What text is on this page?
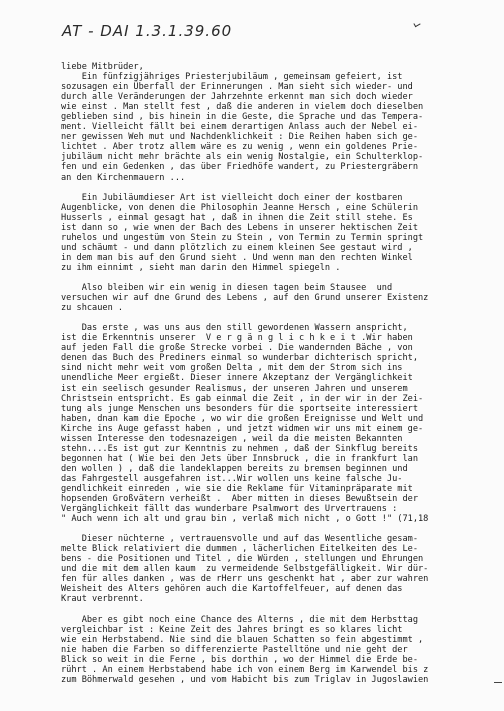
AT - DAI 1.3.1.39.60
liebe Mitbrüder,
Ein fünfzigjähriges Priesterjubiläum , gemeinsam gefeiert, ist
sozusagen ein Überfall der Erinnerungen . Man sieht sich wieder- und
durch alle Veränderungen der Jahrzehnte erkennt man sich doch wieder
wie einst . Man stellt fest , daß die anderen in vielem doch dieselben
geblieben sind , bis hinein in die Geste, die Sprache und das Tempera-
ment. Vielleicht fällt bei einem derartigen Anlass auch der Nebel ei-
ner gewissen Weh mut und Nachdenklichkeit : Die Reihen haben sich ge-
lichtet . Aber trotz allem wäre es zu wenig , wenn ein goldenes Prie-
jubiläum nicht mehr brächte als ein wenig Nostalgie, ein Schulterklop-
fen und ein Gedenken , das über Friedhöfe wandert, zu Priestergräbern
an den Kirchenmauern ...
Ein Jubiläumdieser Art ist vielleicht doch einer der kostbaren
Augenblicke, von denen die Philosophin Jeanne Hersch , eine Schülerin
Husserls , einmal gesagt hat , daß in ihnen die Zeit still stehe. Es
ist dann so , wie wnen der Bach des Lebens in unserer hektischen Zeit
ruhelos und ungestüm von Stein zu Stein , von Termin zu Termin springt
und schäumt - und dann plötzlich zu einem kleinen See gestaut wird ,
in dem man bis auf den Grund sieht . Und wenn man den rechten Winkel
zu ihm einnimt , sieht man darin den Himmel spiegeln .
Also bleiben wir ein wenig in diesen tagen beim Stausee  und
versuchen wir auf dne Grund des Lebens , auf den Grund unserer Existenz
zu shcauen .
Das erste , was uns aus den still gewordenen Wassern anspricht,
ist die Erkenntnis unserer  V e r g ä n g l i c h k e i t .Wir haben
auf jeden Fall die große Strecke vorbei . Die wandernden Bäche , von
denen das Buch des Prediners einmal so wunderbar dichterisch spricht,
sind nicht mehr weit vom großen Delta , mit dem der Strom sich ins
unendliche Meer ergießt. Dieser innere Akzeptanz der Vergänglichkeit
ist ein seelisch gesunder Realismus, der unseren Jahren und unserem
Christsein entspricht. Es gab einmal die Zeit , in der wir in der Zei-
tung als junge Menschen uns besonders für die sportseite interessiert
haben, dnan kam die Epoche , wo wir die großen Ereignisse und Welt und
Kirche ins Auge gefasst haben , und jetzt widmen wir uns mit einem ge-
wissen Interesse den todesnazeigen , weil da die meisten Bekannten
stehn....Es ist gut zur Kenntnis zu nehmen , daß der Sinkflug bereits
begonnen hat ( Wie bei den Jets über Innsbruck , die in frankfurt lan
den wollen ) , daß die landeklappen bereits zu bremsen beginnen und
das Fahrgestell ausgefahren ist...Wir wollen uns keine falsche Ju-
gendlichkeit einreden , wie sie die Reklame für Vitaminpräparate mit
hopsenden Großvätern verheißt .  Aber mitten in dieses Bewußtsein der
Vergänglichkeit fällt das wunderbare Psalmwort des Urvertrauens :
" Auch wenn ich alt und grau bin , verlaß mich nicht , o Gott !" (71,18
Dieser nüchterne , vertrauensvolle und auf das Wesentliche gesam-
melte Blick relativiert die dummen , lächerlichen Eitelkeiten des Le-
bens - die Positionen und Titel , die Würden , stellungen und Ehrungen
und die mit dem allen kaum  zu vermeidende Selbstgefälligkeit. Wir dür-
fen für alles danken , was de rHerr uns geschenkt hat , aber zur wahren
Weisheit des Alters gehören auch die Kartoffelfeuer, auf denen das
Kraut verbrennt.
Aber es gibt noch eine Chance des Alterns , die mit dem Herbsttag
vergleichbar ist : Keine Zeit des Jahres bringt es so klares licht
wie ein Herbstabend. Nie sind die blauen Schatten so fein abgestimmt ,
nie haben die Farben so differenzierte Pastelltöne und nie geht der
Blick so weit in die Ferne , bis dorthin , wo der Himmel die Erde be-
rührt . An einem Herbstabend habe ich von einem Berg im Karwendel bis z
zum Böhmerwald gesehen , und vom Habicht bis zum Triglav in Jugoslawien
